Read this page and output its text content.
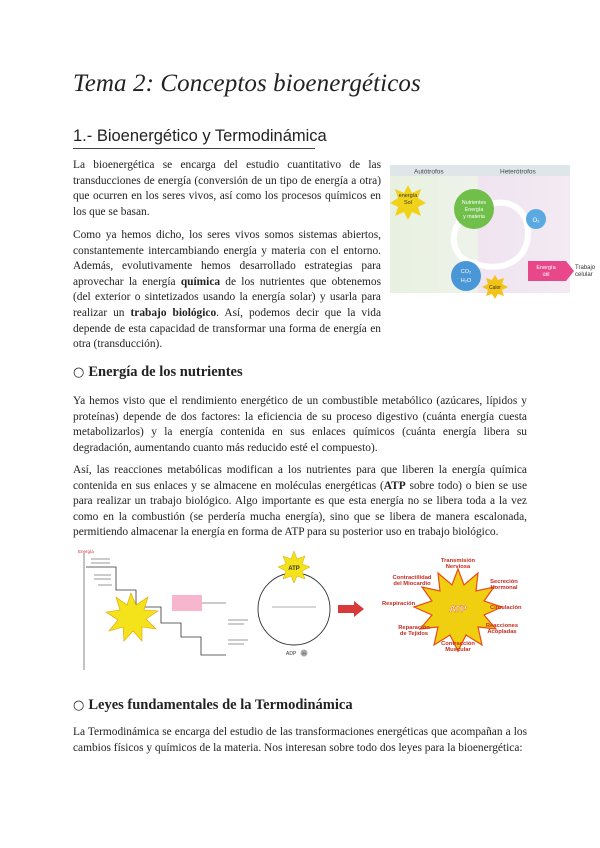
Tema 2: Conceptos bioenergéticos
1.- Bioenergético y Termodinámica

La bioenergética se encarga del estudio cuantitativo de las transducciones de energía (conversión de un tipo de energía a otra) que ocurren en los seres vivos, así como los procesos químicos en los que se basan.

Como ya hemos dicho, los seres vivos somos sistemas abiertos, constantemente intercambiando energía y materia con el entorno. Además, evolutivamente hemos desarrollado estrategias para aprovechar la energía química de los nutrientes que obtenemos (del exterior o sintetizados usando la energía solar) y usarla para realizar un trabajo biológico. Así, podemos decir que la vida depende de esta capacidad de transformar una forma de energía en otra (transducción).

Autótrofos	Heterótrofos
energía
Sol	Nutrientes
Energía
y materia
O₂
CO₂
H₂O
Calor
Energía
útil
Trabajo
celular
○ Energía de los nutrientes

Ya hemos visto que el rendimiento energético de un combustible metabólico (azúcares, lípidos y proteínas) depende de dos factores: la eficiencia de su proceso digestivo (cuánta energía cuesta metabolizarlos) y la energía contenida en sus enlaces químicos (cuánta energía libera su degradación, aumentando cuanto más reducido esté el compuesto).

Así, las reacciones metabólicas modifican a los nutrientes para que liberen la energía química contenida en sus enlaces y se almacene en moléculas energéticas (ATP sobre todo) o bien se use para realizar un trabajo biológico. Algo importante es que esta energía no se libera toda a la vez como en la combustión (se perdería mucha energía), sino que se libera de manera escalonada, permitiendo almacenar la energía en forma de ATP para su posterior uso en trabajo biológico.

Energía
ATP
ADP Pi
ATP
Transmisión
Nerviosa
Contractilidad
del Miocardio	Secreción
Hormonal
Respiración
Circulación
Reparación
de Tejidos
Reacciones
Acopladas
Contracción
Muscular
○ Leyes fundamentales de la Termodinámica

La Termodinámica se encarga del estudio de las transformaciones energéticas que acompañan a los cambios físicos y químicos de la materia. Nos interesan sobre todo dos leyes para la bioenergética:
